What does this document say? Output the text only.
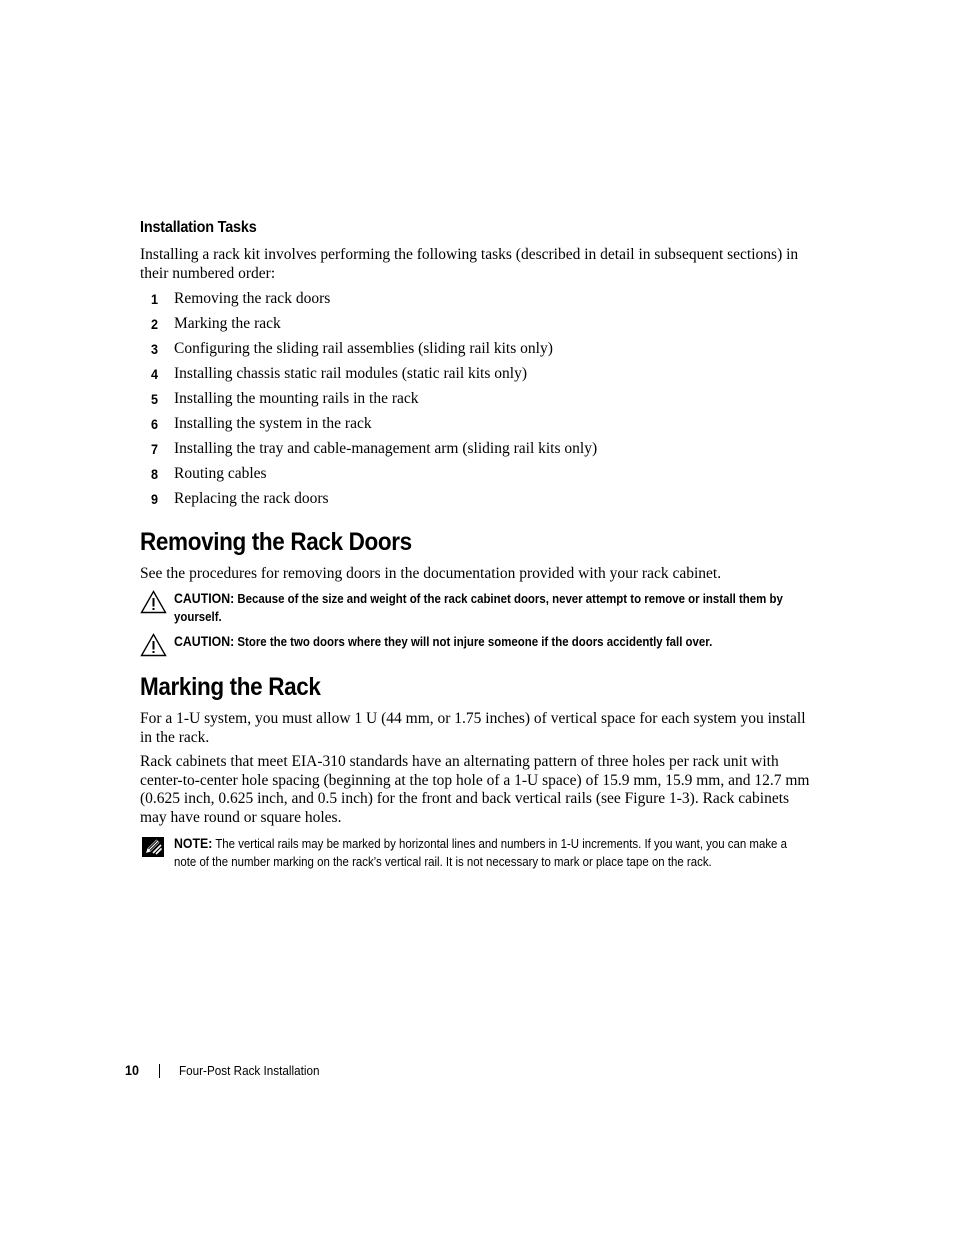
Installation Tasks

Installing a rack kit involves performing the following tasks (described in detail in subsequent sections) in their numbered order:

1 Removing the rack doors
2 Marking the rack
3 Configuring the sliding rail assemblies (sliding rail kits only)
4 Installing chassis static rail modules (static rail kits only)
5 Installing the mounting rails in the rack
6 Installing the system in the rack
7 Installing the tray and cable-management arm (sliding rail kits only)
8 Routing cables
9 Replacing the rack doors
Removing the Rack Doors

See the procedures for removing doors in the documentation provided with your rack cabinet.

CAUTION: Because of the size and weight of the rack cabinet doors, never attempt to remove or install them by yourself.
CAUTION: Store the two doors where they will not injure someone if the doors accidently fall over.
Marking the Rack

For a 1-U system, you must allow 1 U (44 mm, or 1.75 inches) of vertical space for each system you install in the rack.

Rack cabinets that meet EIA-310 standards have an alternating pattern of three holes per rack unit with center-to-center hole spacing (beginning at the top hole of a 1-U space) of 15.9 mm, 15.9 mm, and 12.7 mm (0.625 inch, 0.625 inch, and 0.5 inch) for the front and back vertical rails (see Figure 1-3). Rack cabinets may have round or square holes.

NOTE: The vertical rails may be marked by horizontal lines and numbers in 1-U increments. If you want, you can make a note of the number marking on the rack’s vertical rail. It is not necessary to mark or place tape on the rack.
10	Four-Post Rack Installation
